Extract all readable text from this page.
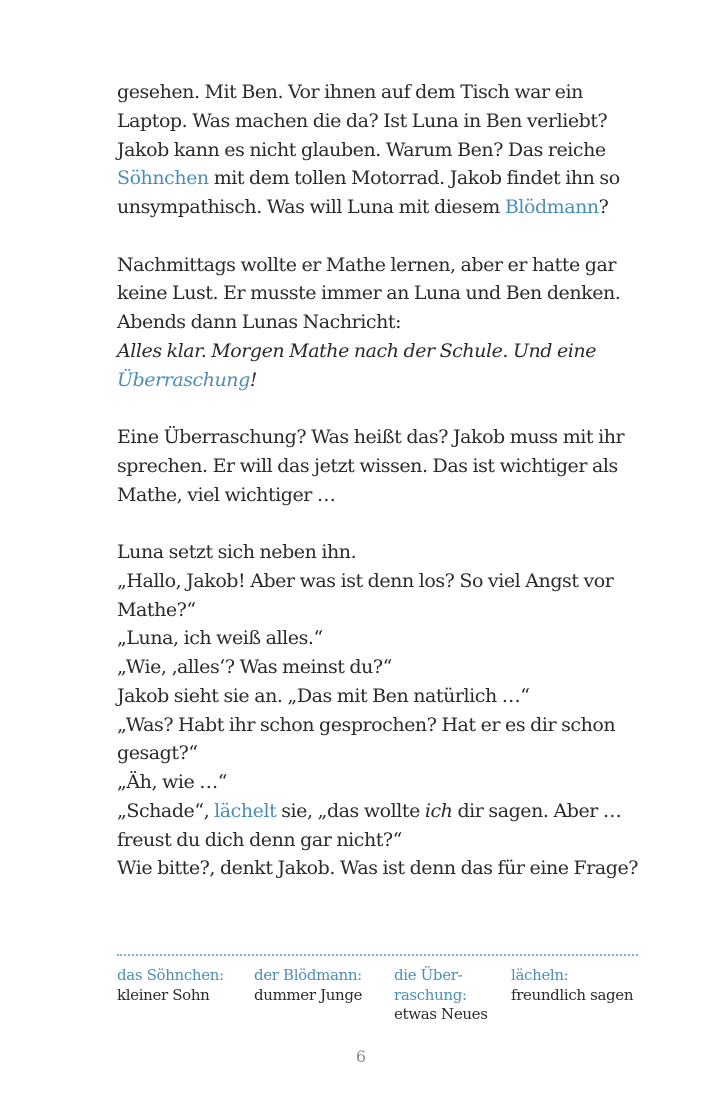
gesehen. Mit Ben. Vor ihnen auf dem Tisch war ein
Laptop. Was machen die da? Ist Luna in Ben verliebt?
Jakob kann es nicht glauben. Warum Ben? Das reiche
Söhnchen mit dem tollen Motorrad. Jakob findet ihn so
unsympathisch. Was will Luna mit diesem Blödmann?
Nachmittags wollte er Mathe lernen, aber er hatte gar
keine Lust. Er musste immer an Luna und Ben denken.
Abends dann Lunas Nachricht:
Alles klar. Morgen Mathe nach der Schule. Und eine
Überraschung!
Eine Überraschung? Was heißt das? Jakob muss mit ihr
sprechen. Er will das jetzt wissen. Das ist wichtiger als
Mathe, viel wichtiger …
Luna setzt sich neben ihn.
„Hallo, Jakob! Aber was ist denn los? So viel Angst vor
Mathe?“
„Luna, ich weiß alles.“
„Wie, ‚alles‘? Was meinst du?“
Jakob sieht sie an. „Das mit Ben natürlich …“
„Was? Habt ihr schon gesprochen? Hat er es dir schon
gesagt?“
„Äh, wie …“
„Schade“, lächelt sie, „das wollte ich dir sagen. Aber …
freust du dich denn gar nicht?“
Wie bitte?, denkt Jakob. Was ist denn das für eine Frage?
das Söhnchen:
kleiner Sohn
der Blödmann:
dummer Junge
die Über-
raschung:
etwas Neues
lächeln:
freundlich sagen
6
